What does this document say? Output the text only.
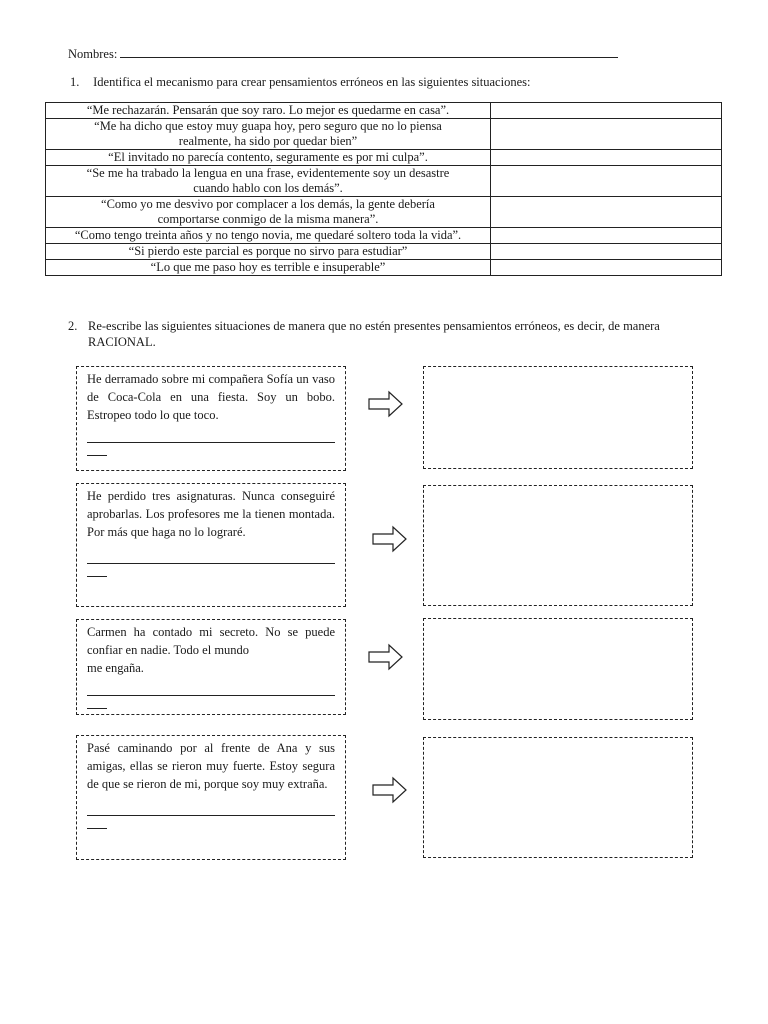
Nombres:
1. Identifica el mecanismo para crear pensamientos erróneos en las siguientes situaciones:
“Me rechazarán. Pensarán que soy raro. Lo mejor es quedarme en casa”.	

“Me ha dicho que estoy muy guapa hoy, pero seguro que no lo piensa
realmente, ha sido por quedar bien”	

“El invitado no parecía contento, seguramente es por mi culpa”.	

“Se me ha trabado la lengua en una frase, evidentemente soy un desastre
cuando hablo con los demás”.	

“Como yo me desvivo por complacer a los demás, la gente debería
comportarse conmigo de la misma manera”.	

“Como tengo treinta años y no tengo novia, me quedaré soltero toda la vida”.	

“Si pierdo este parcial es porque no sirvo para estudiar”	

“Lo que me paso hoy es terrible e insuperable”	

2. Re-escribe las siguientes situaciones de manera que no estén presentes pensamientos erróneos, es decir, de manera
RACIONAL.
He derramado sobre mi compañera Sofía un vaso de Coca-Cola en una fiesta. Soy un bobo. Estropeo todo lo que toco.
He perdido tres asignaturas. Nunca conseguiré aprobarlas. Los profesores me la tienen montada. Por más que haga no lo lograré.
Carmen ha contado mi secreto. No se puede confiar en nadie. Todo el mundo
me engaña.
Pasé caminando por al frente de Ana y sus amigas, ellas se rieron muy fuerte. Estoy segura de que se rieron de mi, porque soy muy extraña.
